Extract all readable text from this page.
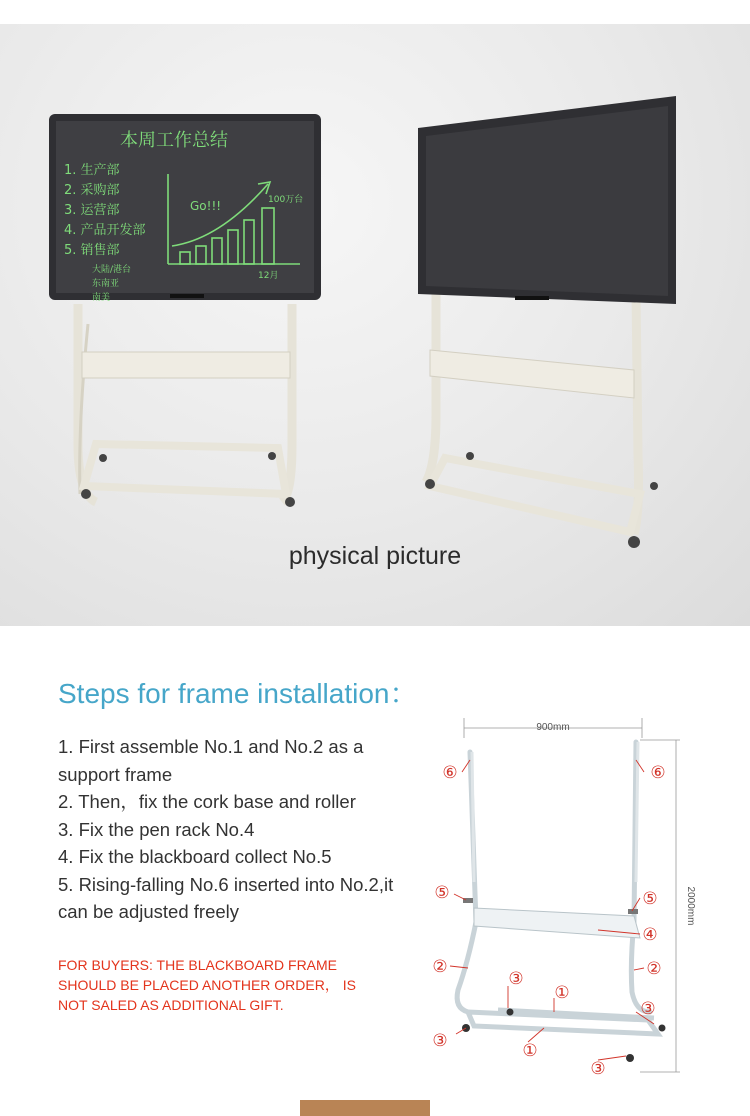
本周工作总结
1. 生产部
2. 采购部
3. 运营部
4. 产品开发部
5. 销售部
大陆/港台
东南亚
南美
Go!!!	100万台
12月
physical picture
Steps for frame installation：
1. First assemble No.1 and No.2 as a support frame
2. Then，fix the cork base and roller
3. Fix the pen rack No.4
4. Fix the blackboard collect No.5
5. Rising-falling No.6 inserted into No.2,it can be adjusted freely
FOR BUYERS: THE BLACKBOARD FRAME SHOULD BE PLACED ANOTHER ORDER， IS NOT SALED AS ADDITIONAL GIFT.
900mm
2000mm
⑥	⑥
⑤	⑤
④
②	②
③
①
③
③	①
③
